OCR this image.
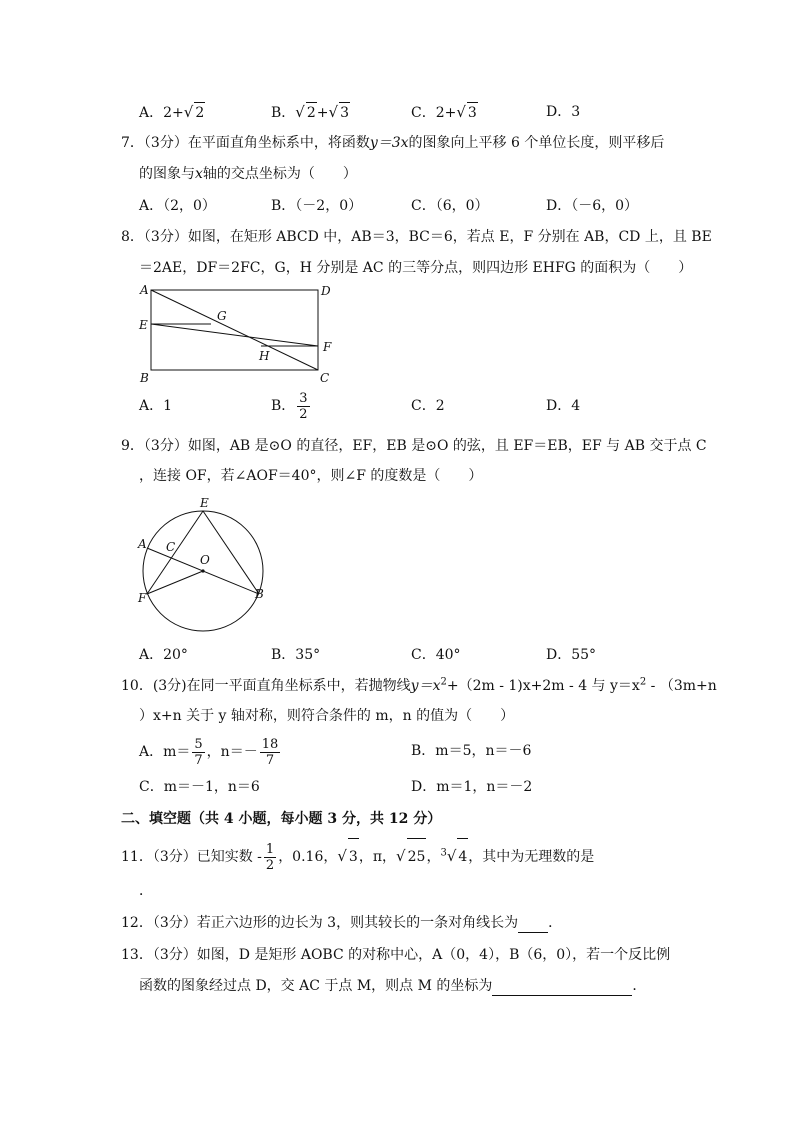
A．2+√ 2	B．√ 2+√ 3	C．2+√ 3	D．3
7．（3分）在平面直角坐标系中，将函数y＝3x的图象向上平移 6 个单位长度，则平移后
的图象与x轴的交点坐标为（　　）
A．（2，0）	B．（－2，0）	C．（6，0）	D．（－6，0）
8．（3分）如图，在矩形 ABCD 中，AB＝3，BC＝6，若点 E，F 分别在 AB，CD 上，且 BE
＝2AE，DF＝2FC，G，H 分别是 AC 的三等分点，则四边形 EHFG 的面积为（　　）
A	D
E
G
F
H
B	C
A．1	B． $\frac{3}{2}$	C．2	D．4
9．（3分）如图，AB 是⊙O 的直径，EF，EB 是⊙O 的弦，且 EF＝EB，EF 与 AB 交于点 C
，连接 OF，若∠AOF＝40°，则∠F 的度数是（　　）
E
A C
O
F	B
A．20°	B．35°	C．40°	D．55°
10．(3分)在同一平面直角坐标系中，若抛物线$y=x^2+(2m - 1)x+2m - 4$ 与 $y=x^2 - (3m+n$
）x+n 关于 y 轴对称，则符合条件的 m，n 的值为（　　）
A．$m= \frac{5}{7}$ ，$n=- \frac{18}{7}$	B．m＝5，n＝－6
C．m＝－1，n＝6	D．m＝1，n＝－2
二、填空题（共 4 小题，每小题 3 分，共 12 分）
11．（3分）已知实数 - $\frac{1}{2}$ ，0.16，√ 3，π，√ 25，$^3$√ 4，其中为无理数的是
．
12．（3分）若正六边形的边长为 3，则其较长的一条对角线长为 ．
13．（3分）如图，D 是矩形 AOBC 的对称中心，A（0，4），B（6，0），若一个反比例
函数的图象经过点 D，交 AC 于点 M，则点 M 的坐标为	．
